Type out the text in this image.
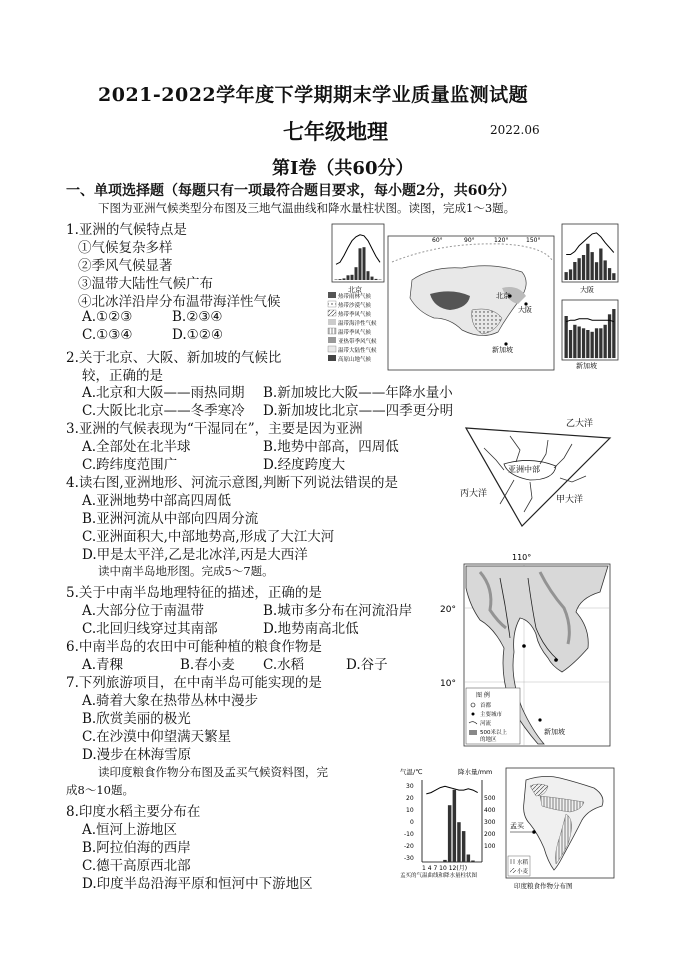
2021-2022学年度下学期期末学业质量监测试题
七年级地理	2022.06
第Ⅰ卷（共60分）
一、单项选择题（每题只有一项最符合题目要求，每小题2分，共60分）
下图为亚洲气候类型分布图及三地气温曲线和降水量柱状图。读图，完成1～3题。
1.亚洲的气候特点是
①气候复杂多样
②季风气候显著
③温带大陆性气候广布
④北冰洋沿岸分布温带海洋性气候
A.①②③	B.②③④
C.①③④	D.①②④
2.关于北京、大阪、新加坡的气候比
较，正确的是
A.北京和大阪——雨热同期 B.新加坡比大阪——年降水量小
C.大阪比北京——冬季寒冷 D.新加坡比北京——四季更分明
3.亚洲的气候表现为“干湿同在”，主要是因为亚洲
A.全部处在北半球	B.地势中部高，四周低
C.跨纬度范围广	D.经度跨度大
4.读右图,亚洲地形、河流示意图,判断下列说法错误的是
A.亚洲地势中部高四周低
B.亚洲河流从中部向四周分流
C.亚洲面积大,中部地势高,形成了大江大河
D.甲是太平洋,乙是北冰洋,丙是大西洋
读中南半岛地形图。完成5～7题。
5.关于中南半岛地理特征的描述，正确的是
A.大部分位于南温带	B.城市多分布在河流沿岸
C.北回归线穿过其南部	D.地势南高北低
6.中南半岛的农田中可能种植的粮食作物是
A.青稞	B.春小麦 C.水稻	D.谷子
7.下列旅游项目，在中南半岛可能实现的是
A.骑着大象在热带丛林中漫步
B.欣赏美丽的极光
C.在沙漠中仰望满天繁星
D.漫步在林海雪原
读印度粮食作物分布图及孟买气候资料图，完
成8～10题。
8.印度水稻主要分布在
A.恒河上游地区
B.阿拉伯海的西岸
C.德干高原西北部
D.印度半岛沿海平原和恒河中下游地区
北京
北京
大阪
新加坡
60°	90°	120°	150°
热带雨林气候
热带沙漠气候
热带季风气候
温带海洋性气候
温带季风气候
亚热带季风气候
温带大陆性气候
高原山地气候
大阪
新加坡
亚洲中部
乙大洋
丙大洋
甲大洋
110°
20°
10°
新加坡
图 例
首都
主要城市
河流
500米以上
的地区
气温/℃	降水量/mm
30
20
10
0
-10
-20
-30
500
400
300
200
100
1 4 7 10 12(月)
孟买的气温曲线和降水量柱状图
孟买
水稻
小麦
印度粮食作物分布图
